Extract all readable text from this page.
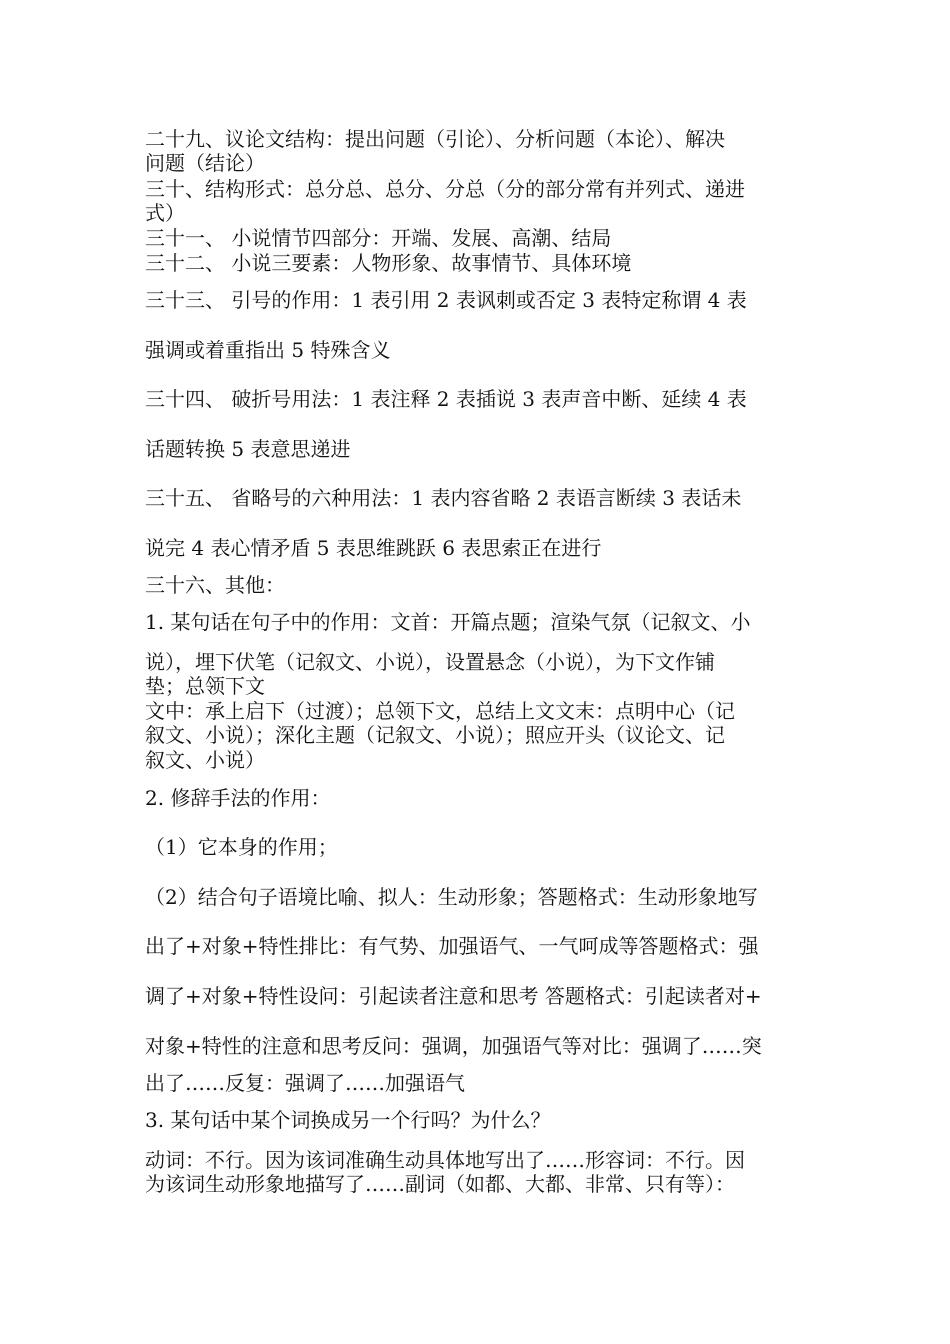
二十九、议论文结构：提出问题（引论）、分析问题（本论）、解决
问题（结论）
三十、结构形式：总分总、总分、分总（分的部分常有并列式、递进
式）
三十一、 小说情节四部分：开端、发展、高潮、结局
三十二、 小说三要素：人物形象、故事情节、具体环境
三十三、 引号的作用：1 表引用 2 表讽刺或否定 3 表特定称谓 4 表
强调或着重指出 5 特殊含义
三十四、 破折号用法：1 表注释 2 表插说 3 表声音中断、延续 4 表
话题转换 5 表意思递进
三十五、 省略号的六种用法：1 表内容省略 2 表语言断续 3 表话未
说完 4 表心情矛盾 5 表思维跳跃 6 表思索正在进行
三十六、其他：
1. 某句话在句子中的作用：文首：开篇点题；渲染气氛（记叙文、小
说），埋下伏笔（记叙文、小说），设置悬念（小说），为下文作铺
垫；总领下文
文中：承上启下（过渡）；总领下文，总结上文文末：点明中心（记
叙文、小说）；深化主题（记叙文、小说）；照应开头（议论文、记
叙文、小说）
2. 修辞手法的作用：
（1）它本身的作用；
（2）结合句子语境比喻、拟人：生动形象；答题格式：生动形象地写
出了+对象+特性排比：有气势、加强语气、一气呵成等答题格式：强
调了+对象+特性设问：引起读者注意和思考 答题格式：引起读者对+
对象+特性的注意和思考反问：强调，加强语气等对比：强调了……突
出了……反复：强调了……加强语气
3. 某句话中某个词换成另一个行吗？为什么？
动词：不行。因为该词准确生动具体地写出了……形容词：不行。因
为该词生动形象地描写了……副词（如都、大都、非常、只有等）：
